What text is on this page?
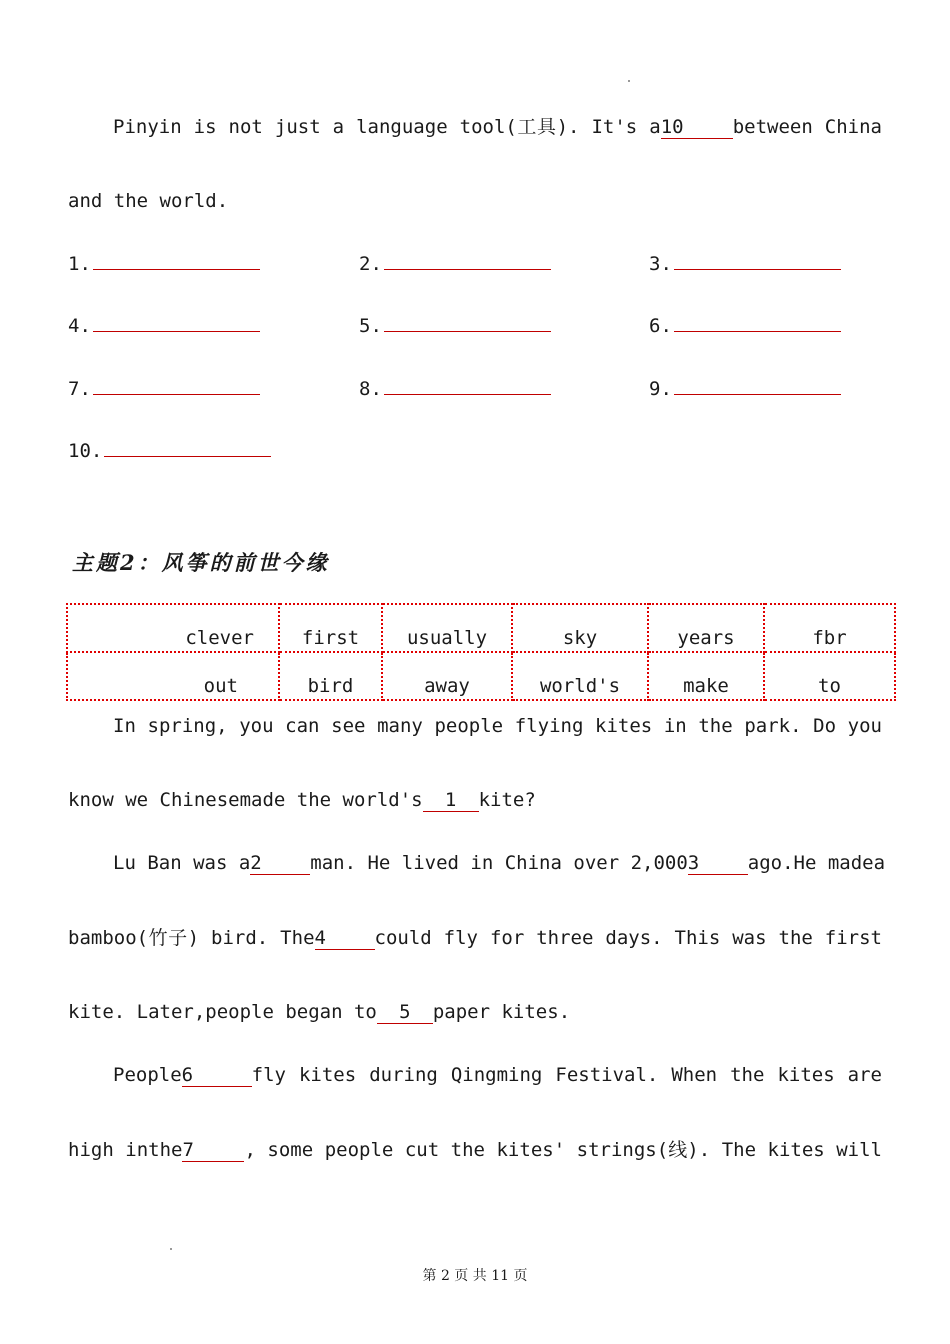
Pinyin is not just a language tool(工具). It's a10	between China
and the world.
1.	2.	3.
4.	5.	6.
7.	8.	9.
10.
主题2：风筝的前世今缘
clever	first	usually	sky	years	fbr
out	bird	away	world's	make	to
In spring, you can see many people flying kites in the park. Do you
know we Chinesemade the world's 1 kite?
Lu Ban was a2	man. He lived in China over 2,0003	ago.He madea
bamboo(竹子) bird. The4	could fly for three days. This was the first
kite. Later,people began to 5 paper kites.
People6	fly kites during Qingming Festival. When the kites are
high inthe7	, some people cut the kites' strings(线). The kites will
第 2 页 共 11 页
